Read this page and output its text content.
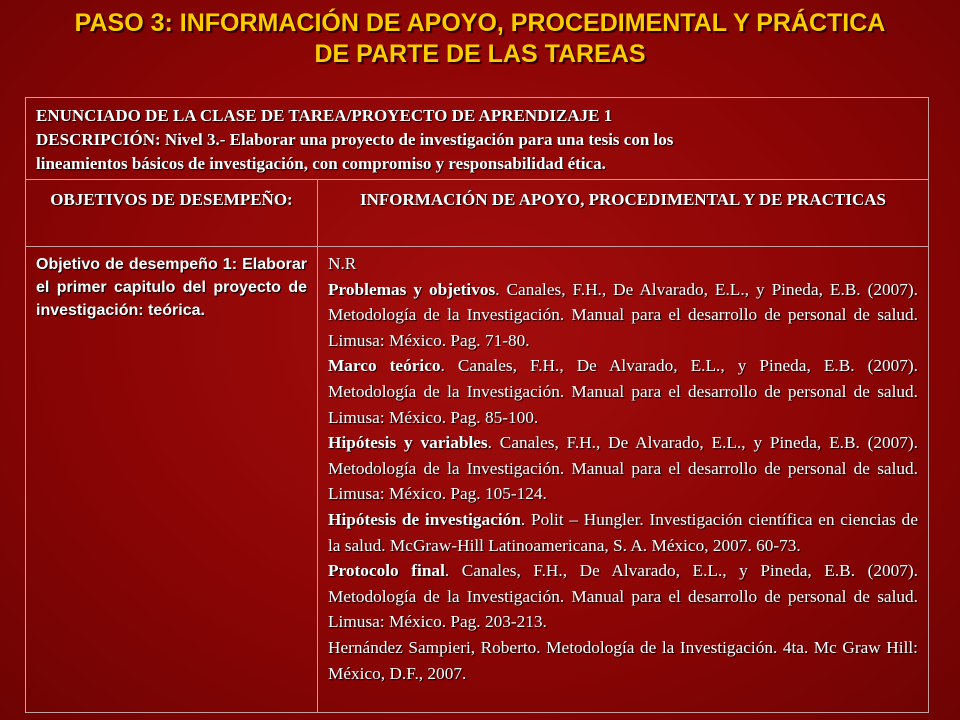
PASO 3: INFORMACIÓN DE APOYO, PROCEDIMENTAL Y PRÁCTICA
DE PARTE DE LAS TAREAS
ENUNCIADO DE LA CLASE DE TAREA/PROYECTO DE APRENDIZAJE 1
DESCRIPCIÓN: Nivel 3.- Elaborar una proyecto de investigación para una tesis con los
lineamientos básicos de investigación, con compromiso y responsabilidad ética.
OBJETIVOS DE DESEMPEÑO:	INFORMACIÓN DE APOYO, PROCEDIMENTAL Y DE PRACTICAS
Objetivo de desempeño 1: Elaborar el primer capitulo del proyecto de investigación: teórica.
N.R
Problemas y objetivos. Canales, F.H., De Alvarado, E.L., y Pineda, E.B. (2007). Metodología de la Investigación. Manual para el desarrollo de personal de salud. Limusa: México. Pag. 71-80.
Marco teórico. Canales, F.H., De Alvarado, E.L., y Pineda, E.B. (2007). Metodología de la Investigación. Manual para el desarrollo de personal de salud. Limusa: México. Pag. 85-100.
Hipótesis y variables. Canales, F.H., De Alvarado, E.L., y Pineda, E.B. (2007). Metodología de la Investigación. Manual para el desarrollo de personal de salud. Limusa: México. Pag. 105-124.
Hipótesis de investigación. Polit – Hungler. Investigación científica en ciencias de la salud. McGraw-Hill Latinoamericana, S. A. México, 2007. 60-73.
Protocolo final. Canales, F.H., De Alvarado, E.L., y Pineda, E.B. (2007). Metodología de la Investigación. Manual para el desarrollo de personal de salud. Limusa: México. Pag. 203-213.
Hernández Sampieri, Roberto. Metodología de la Investigación. 4ta. Mc Graw Hill: México, D.F., 2007.
